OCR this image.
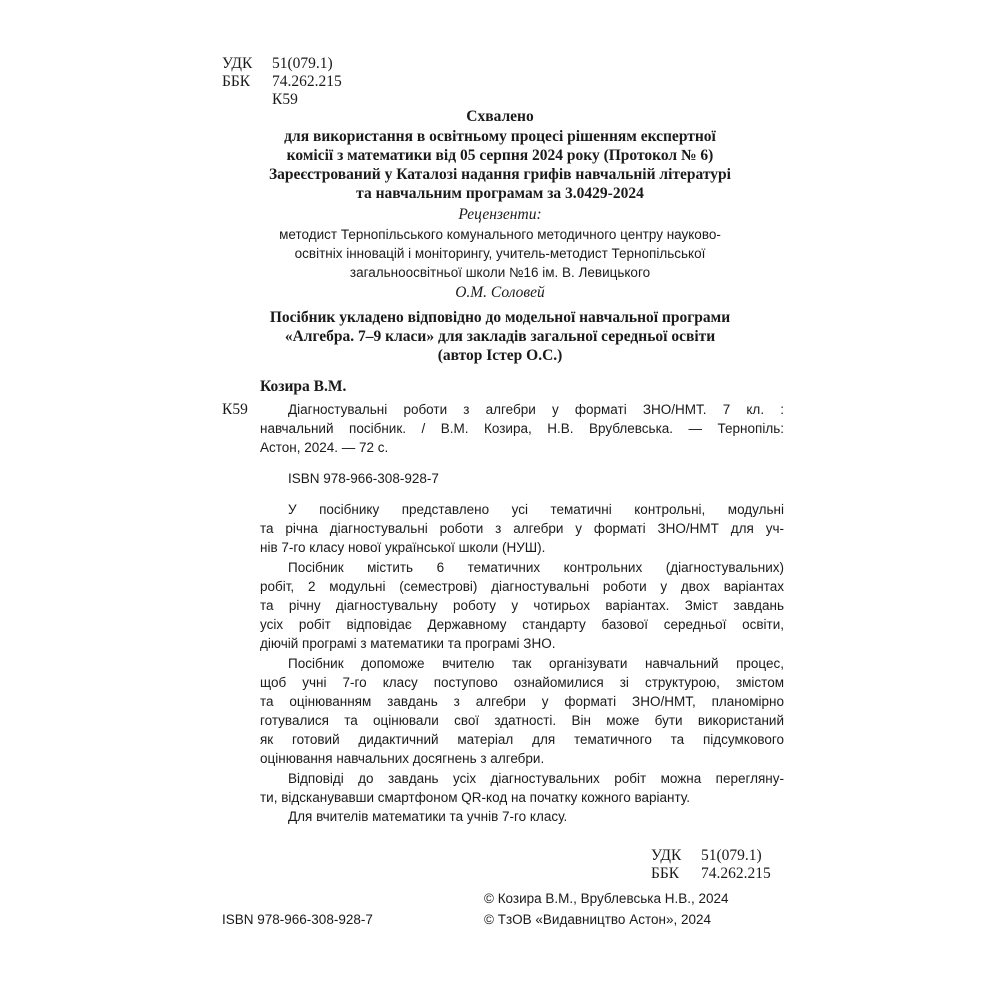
УДК	51(079.1)
ББК	74.262.215
	К59
Схвалено
для використання в освітньому процесі рішенням експертної
комісії з математики від 05 серпня 2024 року (Протокол № 6)
Зареєстрований у Каталозі надання грифів навчальній літературі
та навчальним програмам за 3.0429-2024
Рецензенти:
методист Тернопільського комунального методичного центру науково-
освітніх інновацій і моніторингу, учитель-методист Тернопільської
загальноосвітньої школи №16 ім. В. Левицького
О.М. Соловей
Посібник укладено відповідно до модельної навчальної програми
«Алгебра. 7–9 класи» для закладів загальної середньої освіти
(автор Істер О.С.)
Козира В.М.
К59	Діагностувальні роботи з алгебри у форматі ЗНО/НМТ. 7 кл. :
навчальний посібник. / В.М. Козира, Н.В. Врублевська. — Тернопіль:
Астон, 2024. — 72 с.
ISBN 978-966-308-928-7
У посібнику представлено усі тематичні контрольні, модульні
та річна діагностувальні роботи з алгебри у форматі ЗНО/НМТ для уч-
нів 7-го класу нової української школи (НУШ).
Посібник містить 6 тематичних контрольних (діагностувальних)
робіт, 2 модульні (семестрові) діагностувальні роботи у двох варіантах
та річну діагностувальну роботу у чотирьох варіантах. Зміст завдань
усіх робіт відповідає Державному стандарту базової середньої освіти,
діючій програмі з математики та програмі ЗНО.
Посібник допоможе вчителю так організувати навчальний процес,
щоб учні 7-го класу поступово ознайомилися зі структурою, змістом
та оцінюванням завдань з алгебри у форматі ЗНО/НМТ, планомірно
готувалися та оцінювали свої здатності. Він може бути використаний
як готовий дидактичний матеріал для тематичного та підсумкового
оцінювання навчальних досягнень з алгебри.
Відповіді до завдань усіх діагностувальних робіт можна переглянy-
ти, відсканувавши смартфоном QR-код на початку кожного варіанту.
Для вчителів математики та учнів 7-го класу.
УДК	51(079.1)
ББК	74.262.215
© Козира В.М., Врублевська Н.В., 2024
ISBN 978-966-308-928-7	© ТзОВ «Видавництво Астон», 2024
